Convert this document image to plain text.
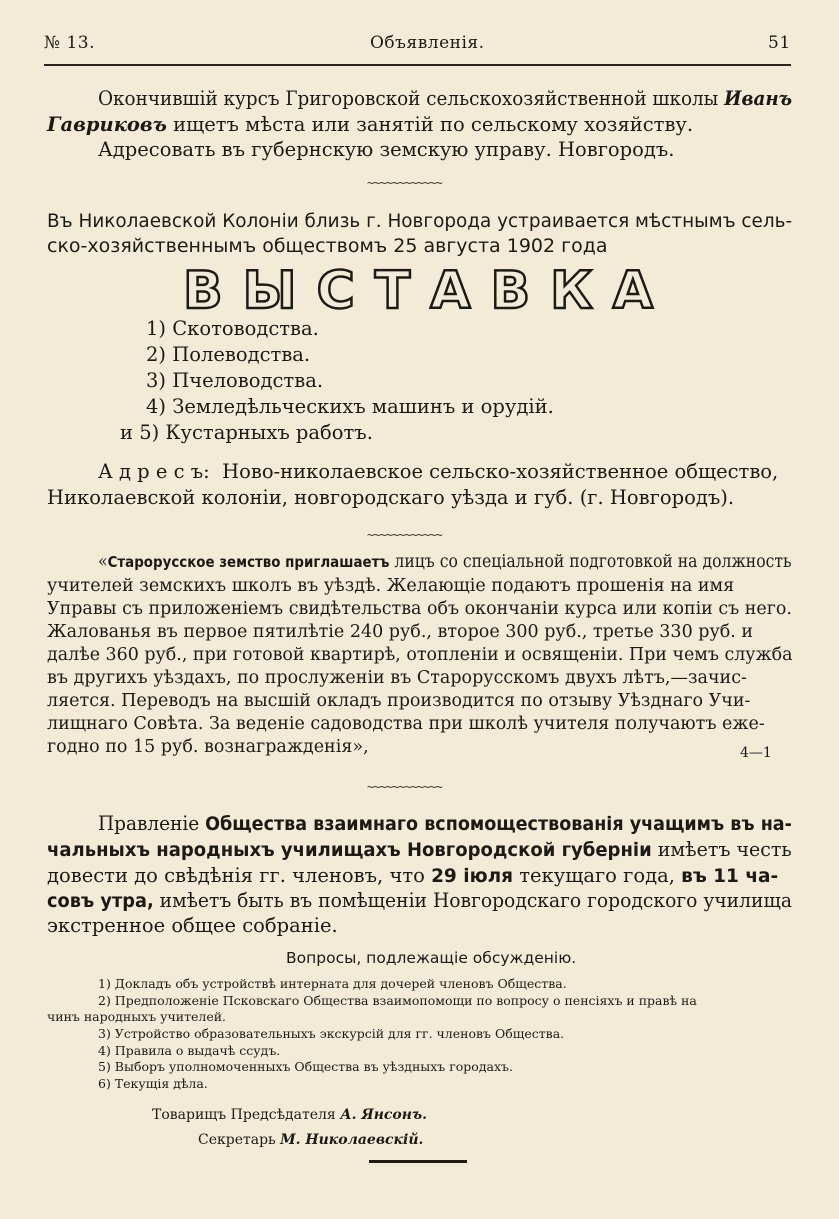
№ 13.	Объявленія.	51
Окончившій курсъ Григоровской сельскохозяйственной школы Иванъ
Гавриковъ ищетъ мѣста или занятій по сельскому хозяйству.
Адресовать въ губернскую земскую управу. Новгородъ.
~~~~~~~~~~~~
Въ Николаевской Колоніи близь г. Новгорода устраивается мѣстнымъ сель-
ско-хозяйственнымъ обществомъ 25 августа 1902 года
В Ы С Т А В К А
1) Скотоводства.
2) Полеводства.
3) Пчеловодства.
4) Земледѣльческихъ машинъ и орудій.
и 5) Кустарныхъ работъ.
А д р е с ъ: Ново-николаевское сельско-хозяйственное общество,
Николаевской колоніи, новгородскаго уѣзда и губ. (г. Новгородъ).
~~~~~~~~~~~~
«Старорусское земство приглашаетъ лицъ со спеціальной подготовкой на должность
учителей земскихъ школъ въ уѣздѣ. Желающіе подаютъ прошенія на имя
Управы съ приложеніемъ свидѣтельства объ окончаніи курса или копіи съ него.
Жалованья въ первое пятилѣтіе 240 руб., второе 300 руб., третье 330 руб. и
далѣе 360 руб., при готовой квартирѣ, отопленіи и освященіи. При чемъ служба
въ другихъ уѣздахъ, по прослуженіи въ Старорусскомъ двухъ лѣтъ,—зачис-
ляется. Переводъ на высшій окладъ производится по отзыву Уѣзднаго Учи-
лищнаго Совѣта. За веденіе садоводства при школѣ учителя получаютъ еже-
годно по 15 руб. вознагражденія»,	4—1
~~~~~~~~~~~~
Правленіе Общества взаимнаго вспомоществованія учащимъ въ на-
чальныхъ народныхъ училищахъ Новгородской губерніи имѣетъ честь
довести до свѣдѣнія гг. членовъ, что 29 іюля текущаго года, въ 11 ча-
совъ утра, имѣетъ быть въ помѣщеніи Новгородскаго городского училища
экстренное общее собраніе.
Вопросы, подлежащіе обсужденію.
1) Докладъ объ устройствѣ интерната для дочерей членовъ Общества.
2) Предположеніе Псковскаго Общества взаимопомощи по вопросу о пенсіяхъ и правѣ на
чинъ народныхъ учителей.
3) Устройство образовательныхъ экскурсій для гг. членовъ Общества.
4) Правила о выдачѣ ссудъ.
5) Выборъ уполномоченныхъ Общества въ уѣздныхъ городахъ.
6) Текущія дѣла.
Товарищъ Предсѣдателя А. Янсонъ.
Секретарь М. Николаевскій.
